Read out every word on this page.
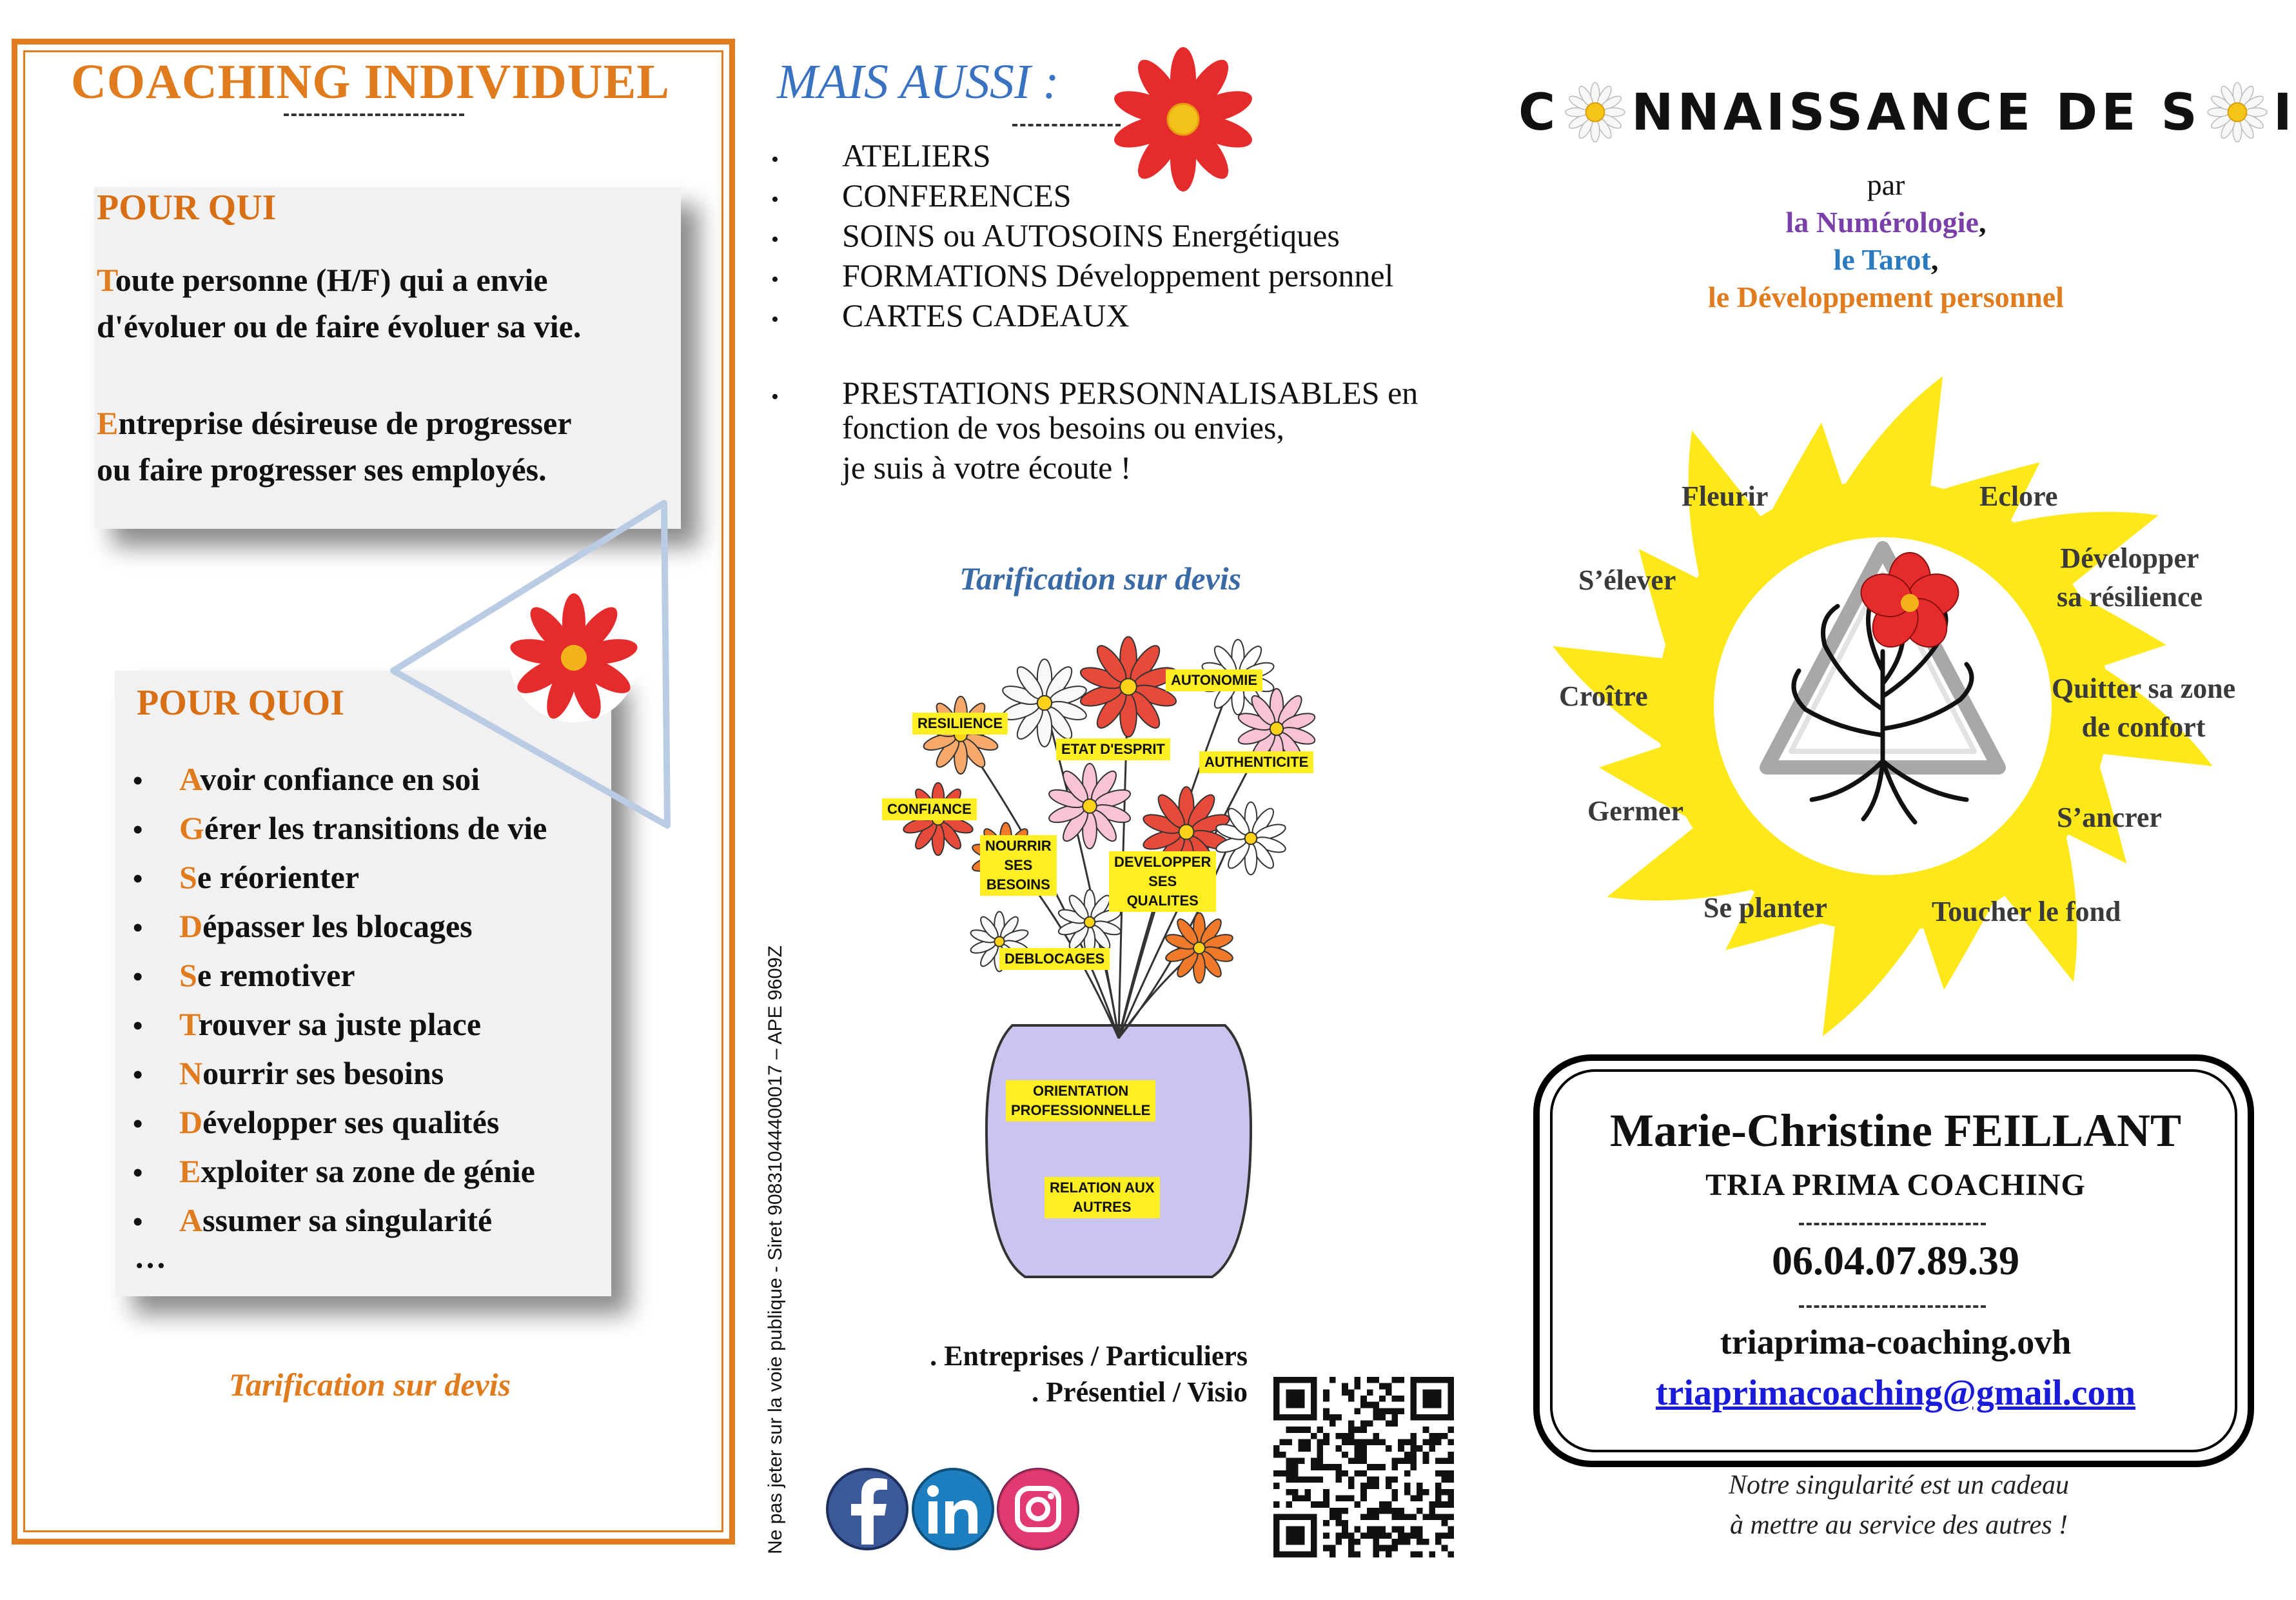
COACHING INDIVIDUEL
POUR QUI
Toute personne (H/F) qui a envie
d'évoluer ou de faire évoluer sa vie.
Entreprise désireuse de progresser
ou faire progresser ses employés.
POUR QUOI
• Avoir confiance en soi
• Gérer les transitions de vie
• Se réorienter
• Dépasser les blocages
• Se remotiver
• Trouver sa juste place
• Nourrir ses besoins
• Développer ses qualités
• Exploiter sa zone de génie
• Assumer sa singularité
…
Tarification sur devis
MAIS AUSSI :
• ATELIERS
• CONFERENCES
• SOINS ou AUTOSOINS Energétiques
• FORMATIONS Développement personnel
• CARTES CADEAUX
• PRESTATIONS PERSONNALISABLES en
fonction de vos besoins ou envies,
je suis à votre écoute !
Tarification sur devis
RESILIENCE
AUTONOMIE
ETAT D'ESPRIT
AUTHENTICITE
CONFIANCE
NOURRIR
SES
BESOINS
DEVELOPPER
SES
QUALITES
DEBLOCAGES
ORIENTATION
PROFESSIONNELLE
RELATION AUX
AUTRES
Ne pas jeter sur la voie publique - Siret 90831044400017 – APE 9609Z	. Entreprises / Particuliers
. Présentiel / Visio
C NNAISSANCE DE S I
par
la Numérologie,
le Tarot,
le Développement personnel
Fleurir	Eclore
S’élever
Développer
sa résilience
Croître	Quitter sa zone
de confort
Germer	S’ancrer
Se planter	Toucher le fond
Marie-Christine FEILLANT
TRIA PRIMA COACHING
06.04.07.89.39
triaprima-coaching.ovh
triaprimacoaching@gmail.com
Notre singularité est un cadeau
à mettre au service des autres !
